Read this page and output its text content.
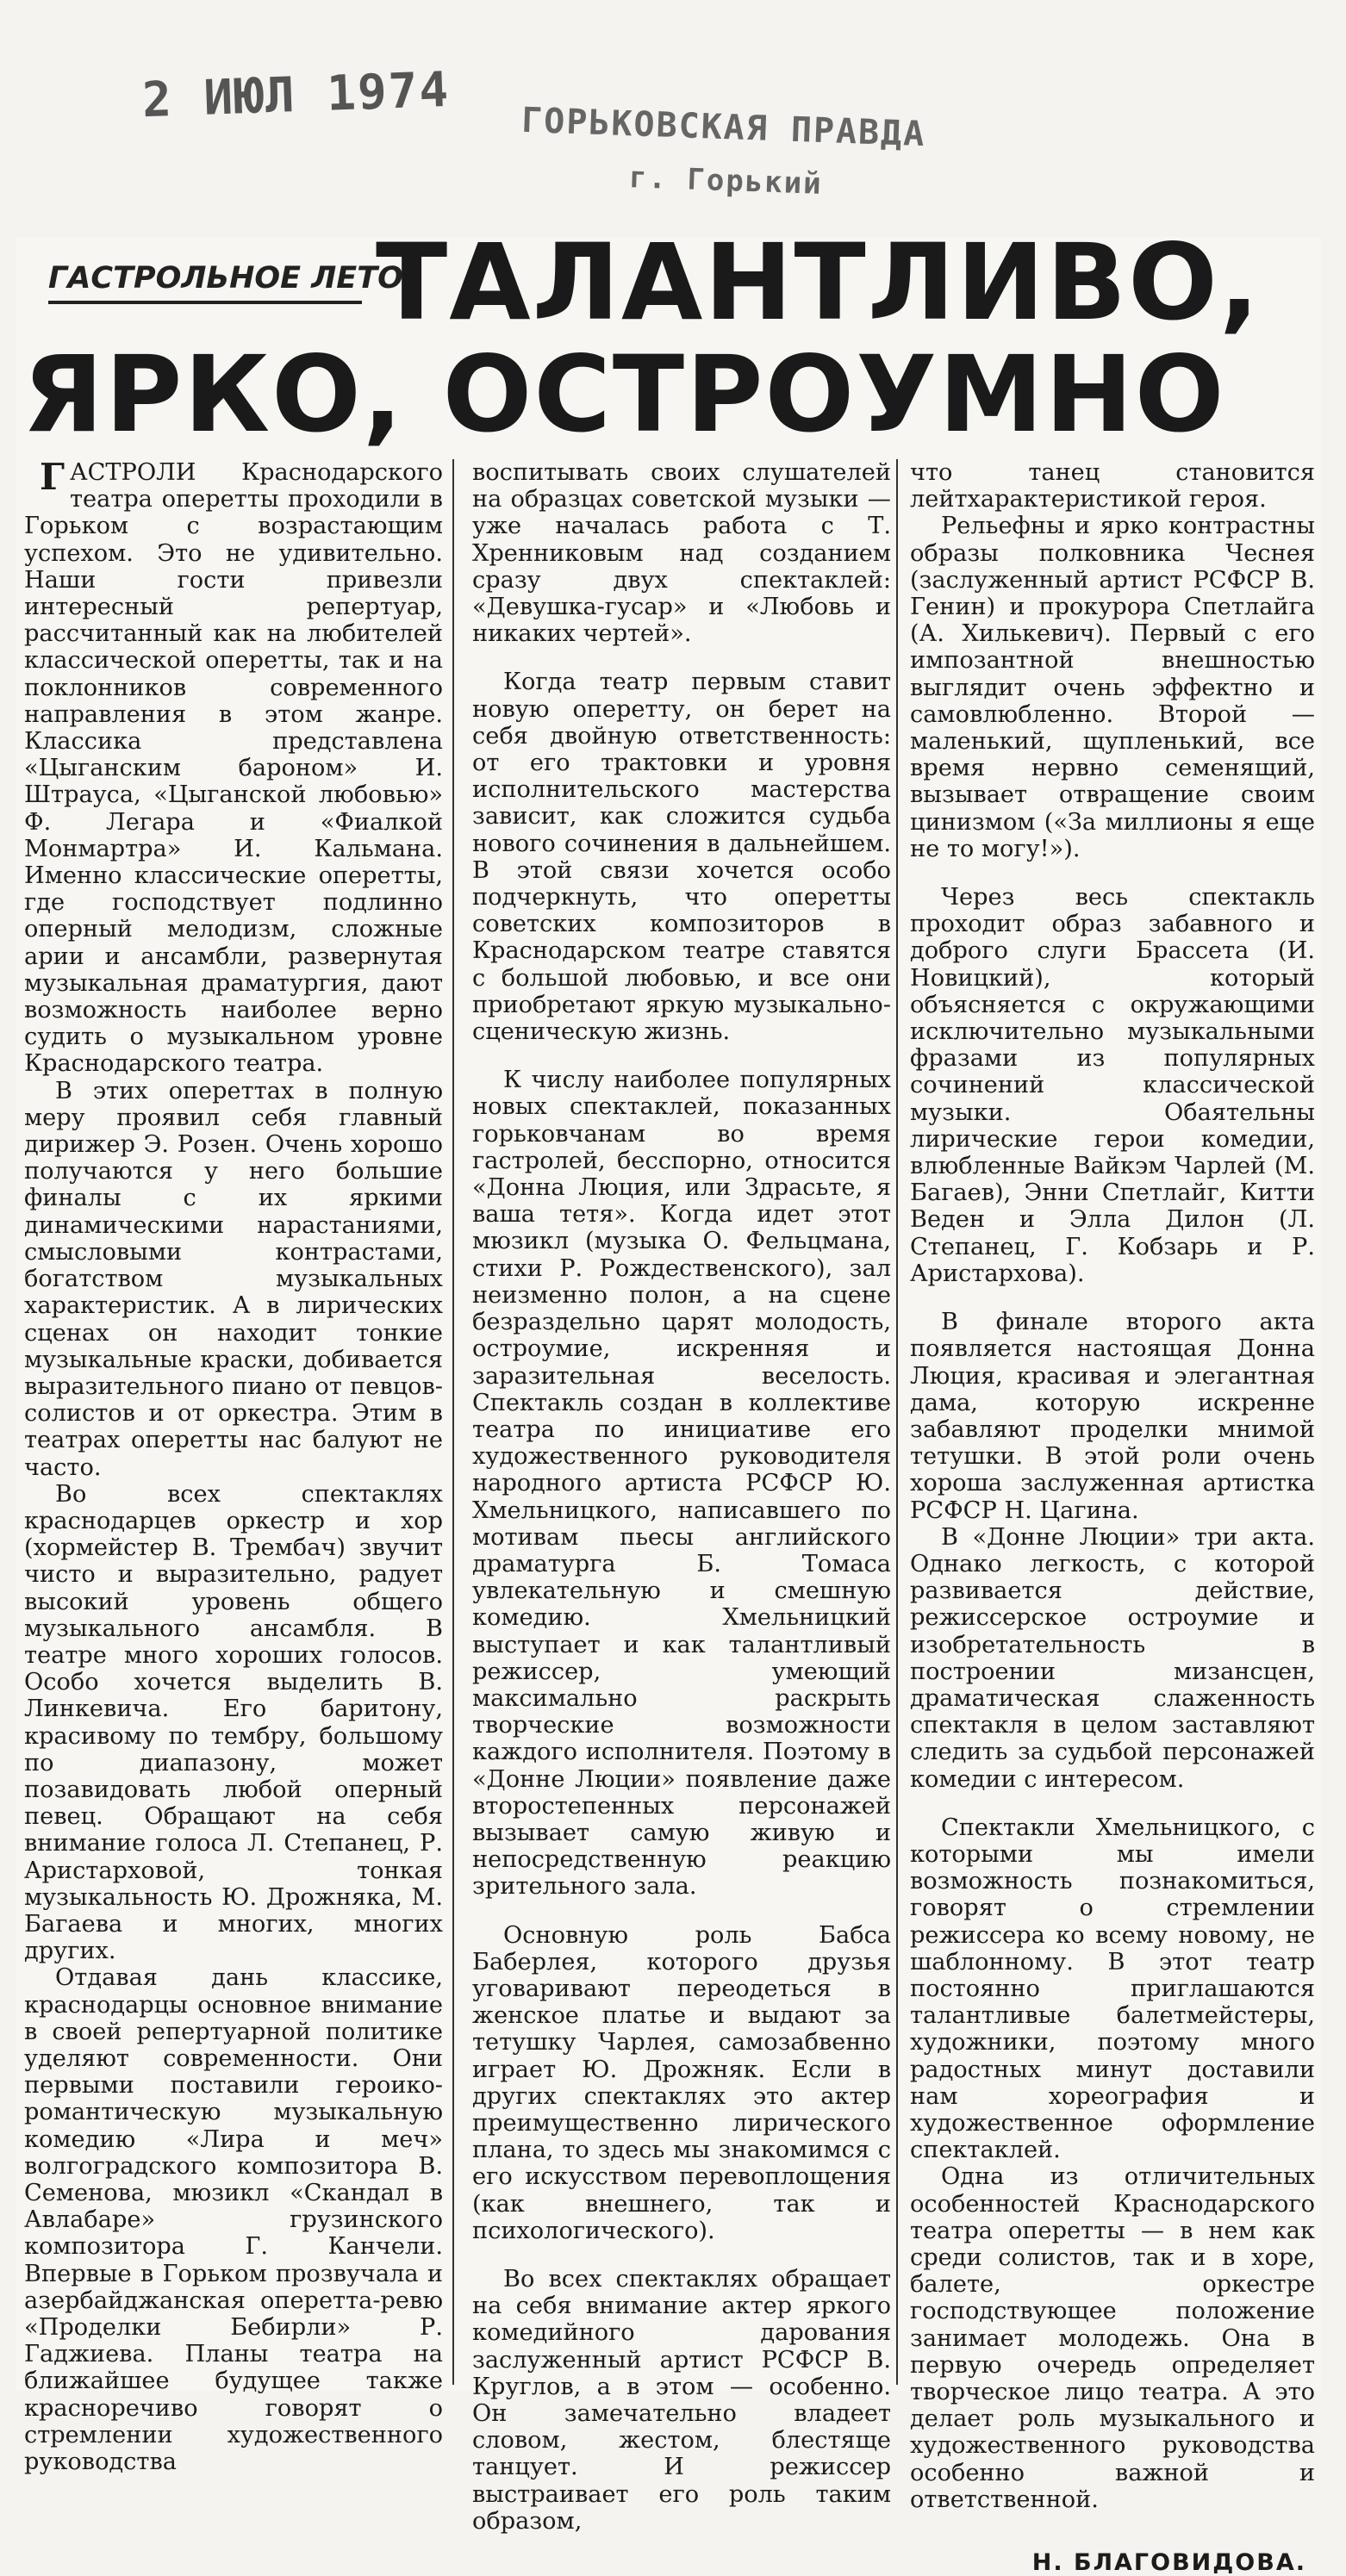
2 ИЮЛ 1974 ГОРЬКОВСКАЯ ПРАВДА
г. Горький
ГАСТРОЛЬНОЕ ЛЕТО
ТАЛАНТЛИВО,
ЯРКО, ОСТРОУМНО

ГАСТРОЛИ Краснодарского театра оперетты проходили в Горьком с возрастающим успехом. Это не удивительно. Наши гости привезли интересный репертуар, рассчитанный как на любителей классической оперетты, так и на поклонников современного направления в этом жанре. Классика представлена «Цыганским бароном» И. Штрауса, «Цыганской любовью» Ф. Легара и «Фиалкой Монмартра» И. Кальмана. Именно классические оперетты, где господствует подлинно оперный мелодизм, сложные арии и ансамбли, развернутая музыкальная драматургия, дают возможность наиболее верно судить о музыкальном уровне Краснодарского театра.

В этих опереттах в полную меру проявил себя главный дирижер Э. Розен. Очень хорошо получаются у него большие финалы с их яркими динамическими нарастаниями, смысловыми контрастами, богатством музыкальных характеристик. А в лирических сценах он находит тонкие музыкальные краски, добивается выразительного пиано от певцов-солистов и от оркестра. Этим в театрах оперетты нас балуют не часто.

Во всех спектаклях краснодарцев оркестр и хор (хормейстер В. Трембач) звучит чисто и выразительно, радует высокий уровень общего музыкального ансамбля. В театре много хороших голосов. Особо хочется выделить В. Линкевича. Его баритону, красивому по тембру, большому по диапазону, может позавидовать любой оперный певец. Обращают на себя внимание голоса Л. Степанец, Р. Аристарховой, тонкая музыкальность Ю. Дрожняка, М. Багаева и многих, многих других.

Отдавая дань классике, краснодарцы основное внимание в своей репертуарной политике уделяют современности. Они первыми поставили героико-романтическую музыкальную комедию «Лира и меч» волгоградского композитора В. Семенова, мюзикл «Скандал в Авлабаре» грузинского композитора Г. Канчели. Впервые в Горьком прозвучала и азербайджанская оперетта-ревю «Проделки Бебирли» Р. Гаджиева. Планы театра на ближайшее будущее также красноречиво говорят о стремлении художественного руководства

воспитывать своих слушателей на образцах советской музыки — уже началась работа с Т. Хренниковым над созданием сразу двух спектаклей: «Девушка-гусар» и «Любовь и никаких чертей».

Когда театр первым ставит новую оперетту, он берет на себя двойную ответственность: от его трактовки и уровня исполнительского мастерства зависит, как сложится судьба нового сочинения в дальнейшем. В этой связи хочется особо подчеркнуть, что оперетты советских композиторов в Краснодарском театре ставятся с большой любовью, и все они приобретают яркую музыкально-сценическую жизнь.

К числу наиболее популярных новых спектаклей, показанных горьковчанам во время гастролей, бесспорно, относится «Донна Люция, или Здрасьте, я ваша тетя». Когда идет этот мюзикл (музыка О. Фельцмана, стихи Р. Рождественского), зал неизменно полон, а на сцене безраздельно царят молодость, остроумие, искренняя и заразительная веселость. Спектакль создан в коллективе театра по инициативе его художественного руководителя народного артиста РСФСР Ю. Хмельницкого, написавшего по мотивам пьесы английского драматурга Б. Томаса увлекательную и смешную комедию. Хмельницкий выступает и как талантливый режиссер, умеющий максимально раскрыть творческие возможности каждого исполнителя. Поэтому в «Донне Люции» появление даже второстепенных персонажей вызывает самую живую и непосредственную реакцию зрительного зала.

Основную роль Бабса Баберлея, которого друзья уговаривают переодеться в женское платье и выдают за тетушку Чарлея, самозабвенно играет Ю. Дрожняк. Если в других спектаклях это актер преимущественно лирического плана, то здесь мы знакомимся с его искусством перевоплощения (как внешнего, так и психологического).

Во всех спектаклях обращает на себя внимание актер яркого комедийного дарования заслуженный артист РСФСР В. Круглов, а в этом — особенно. Он замечательно владеет словом, жестом, блестяще танцует. И режиссер выстраивает его роль таким образом,

что танец становится лейтхарактеристикой героя.

Рельефны и ярко контрастны образы полковника Чеснея (заслуженный артист РСФСР В. Генин) и прокурора Спетлайга (А. Хилькевич). Первый с его импозантной внешностью выглядит очень эффектно и самовлюбленно. Второй — маленький, щупленький, все время нервно семенящий, вызывает отвращение своим цинизмом («За миллионы я еще не то могу!»).

Через весь спектакль проходит образ забавного и доброго слуги Брассета (И. Новицкий), который объясняется с окружающими исключительно музыкальными фразами из популярных сочинений классической музыки. Обаятельны лирические герои комедии, влюбленные Вайкэм Чарлей (М. Багаев), Энни Спетлайг, Китти Веден и Элла Дилон (Л. Степанец, Г. Кобзарь и Р. Аристархова).

В финале второго акта появляется настоящая Донна Люция, красивая и элегантная дама, которую искренне забавляют проделки мнимой тетушки. В этой роли очень хороша заслуженная артистка РСФСР Н. Цагина.

В «Донне Люции» три акта. Однако легкость, с которой развивается действие, режиссерское остроумие и изобретательность в построении мизансцен, драматическая слаженность спектакля в целом заставляют следить за судьбой персонажей комедии с интересом.

Спектакли Хмельницкого, с которыми мы имели возможность познакомиться, говорят о стремлении режиссера ко всему новому, не шаблонному. В этот театр постоянно приглашаются талантливые балетмейстеры, художники, поэтому много радостных минут доставили нам хореография и художественное оформление спектаклей.

Одна из отличительных особенностей Краснодарского театра оперетты — в нем как среди солистов, так и в хоре, балете, оркестре господствующее положение занимает молодежь. Она в первую очередь определяет творческое лицо театра. А это делает роль музыкального и художественного руководства особенно важной и ответственной.

Н. БЛАГОВИДОВА.
